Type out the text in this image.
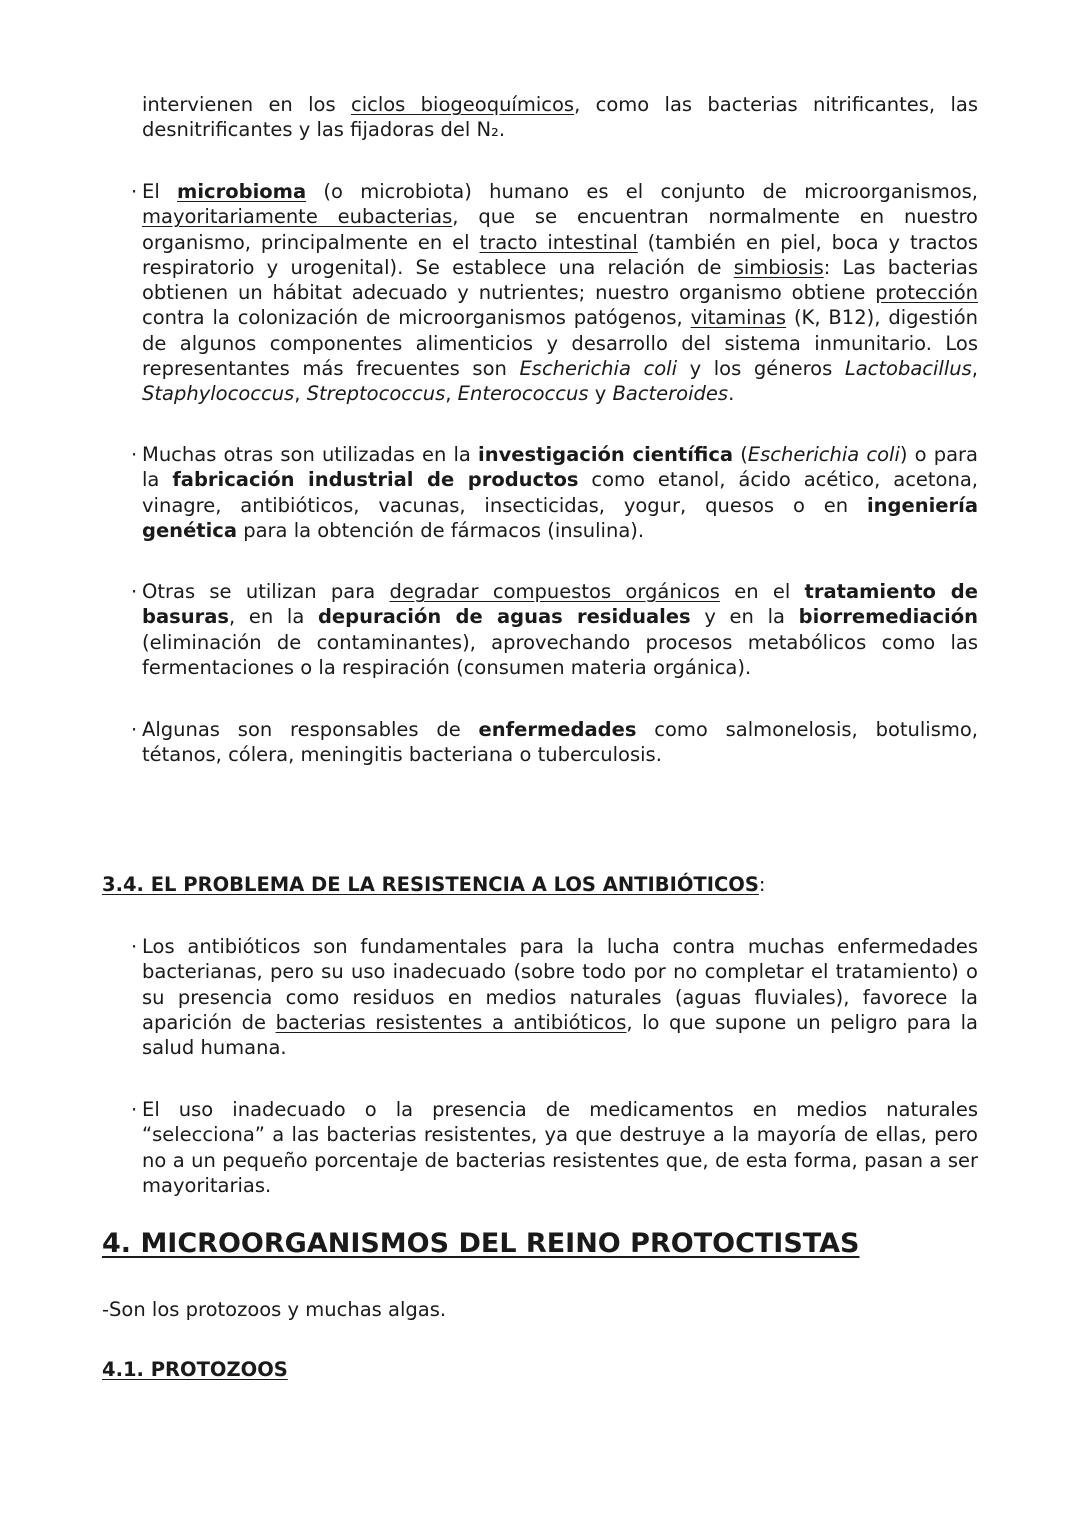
intervienen en los ciclos biogeoquímicos, como las bacterias nitrificantes, las desnitrificantes y las fijadoras del N₂.

· El microbioma (o microbiota) humano es el conjunto de microorganismos, mayoritariamente eubacterias, que se encuentran normalmente en nuestro organismo, principalmente en el tracto intestinal (también en piel, boca y tractos respiratorio y urogenital). Se establece una relación de simbiosis: Las bacterias obtienen un hábitat adecuado y nutrientes; nuestro organismo obtiene protección contra la colonización de microorganismos patógenos, vitaminas (K, B12), digestión de algunos componentes alimenticios y desarrollo del sistema inmunitario. Los representantes más frecuentes son Escherichia coli y los géneros Lactobacillus, Staphylococcus, Streptococcus, Enterococcus y Bacteroides.

· Muchas otras son utilizadas en la investigación científica (Escherichia coli) o para la fabricación industrial de productos como etanol, ácido acético, acetona, vinagre, antibióticos, vacunas, insecticidas, yogur, quesos o en ingeniería genética para la obtención de fármacos (insulina).

· Otras se utilizan para degradar compuestos orgánicos en el tratamiento de basuras, en la depuración de aguas residuales y en la biorremediación (eliminación de contaminantes), aprovechando procesos metabólicos como las fermentaciones o la respiración (consumen materia orgánica).

· Algunas son responsables de enfermedades como salmonelosis, botulismo, tétanos, cólera, meningitis bacteriana o tuberculosis.

3.4. EL PROBLEMA DE LA RESISTENCIA A LOS ANTIBIÓTICOS:

· Los antibióticos son fundamentales para la lucha contra muchas enfermedades bacterianas, pero su uso inadecuado (sobre todo por no completar el tratamiento) o su presencia como residuos en medios naturales (aguas fluviales), favorece la aparición de bacterias resistentes a antibióticos, lo que supone un peligro para la salud humana.

· El uso inadecuado o la presencia de medicamentos en medios naturales “selecciona” a las bacterias resistentes, ya que destruye a la mayoría de ellas, pero no a un pequeño porcentaje de bacterias resistentes que, de esta forma, pasan a ser mayoritarias.

4. MICROORGANISMOS DEL REINO PROTOCTISTAS

-Son los protozoos y muchas algas.

4.1. PROTOZOOS
